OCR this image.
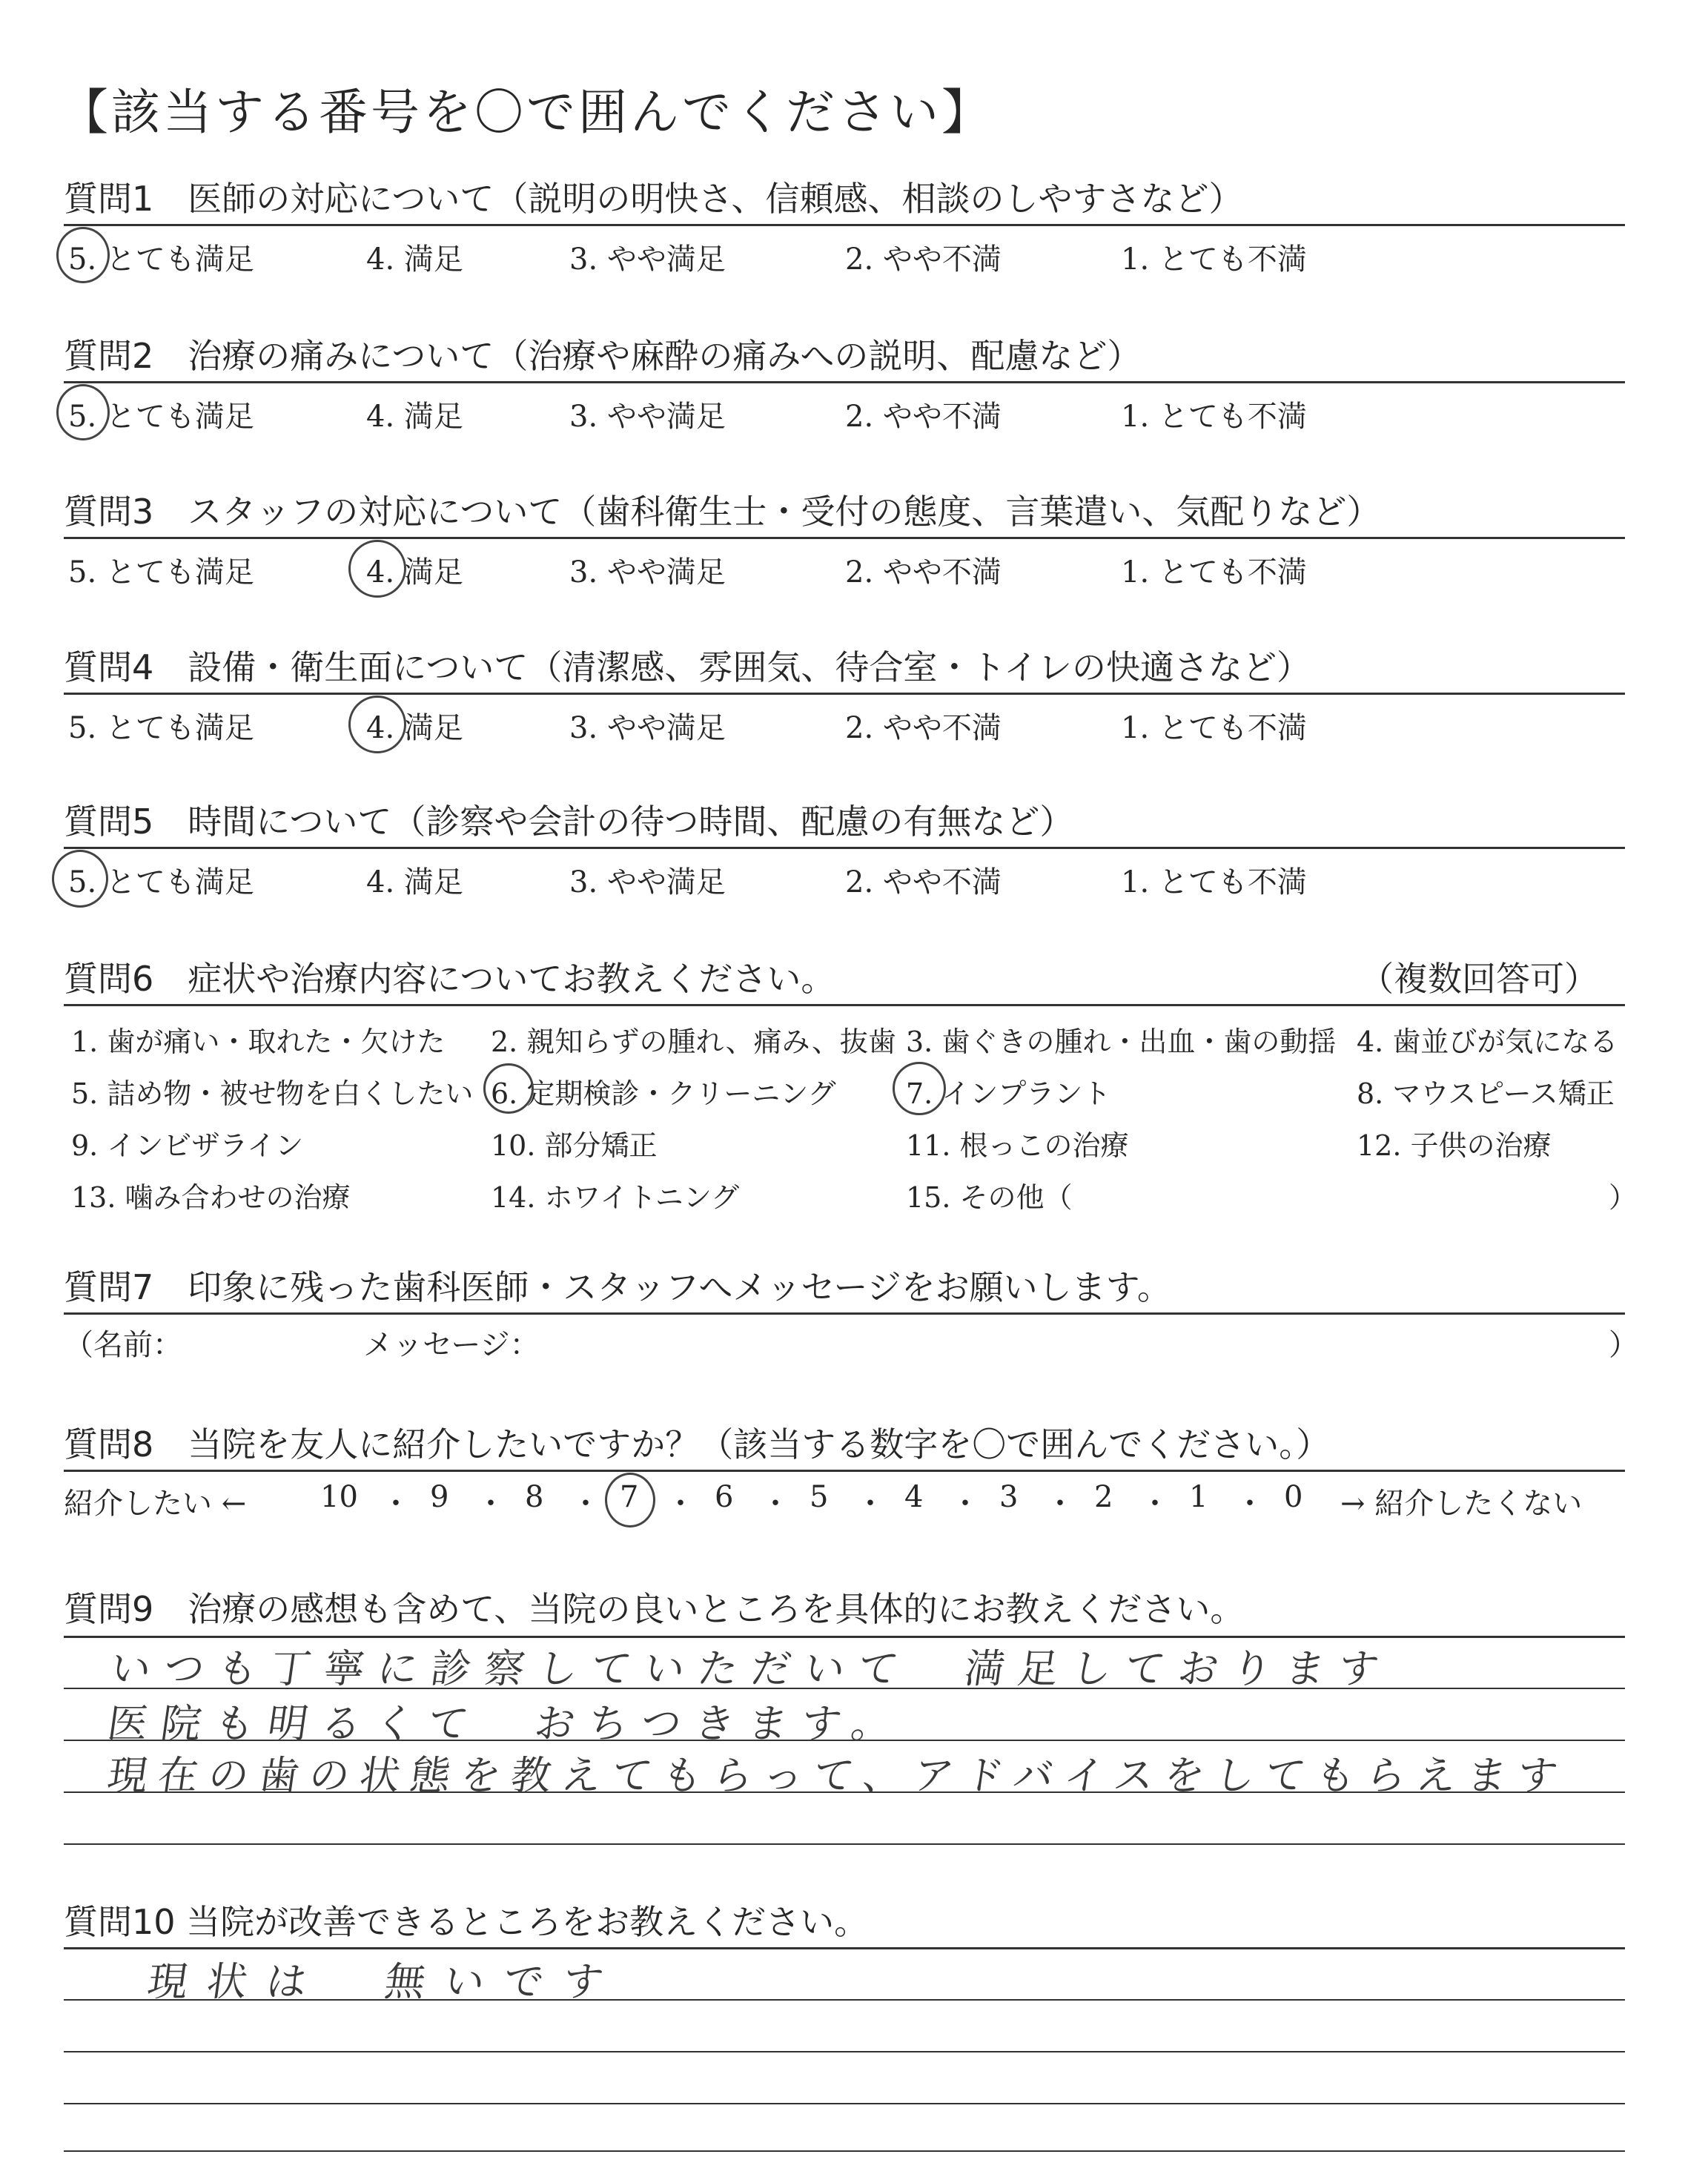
【該当する番号を〇で囲んでください】
質問1　医師の対応について（説明の明快さ、信頼感、相談のしやすさなど）
5. とても満足	4. 満足	3. やや満足	2. やや不満	1. とても不満
質問2　治療の痛みについて（治療や麻酔の痛みへの説明、配慮など）
5. とても満足	4. 満足	3. やや満足	2. やや不満	1. とても不満
質問3　スタッフの対応について（歯科衛生士・受付の態度、言葉遣い、気配りなど）
5. とても満足	4. 満足	3. やや満足	2. やや不満	1. とても不満
質問4　設備・衛生面について（清潔感、雰囲気、待合室・トイレの快適さなど）
5. とても満足	4. 満足	3. やや満足	2. やや不満	1. とても不満
質問5　時間について（診察や会計の待つ時間、配慮の有無など）
5. とても満足	4. 満足	3. やや満足	2. やや不満	1. とても不満
質問6　症状や治療内容についてお教えください。	（複数回答可）
1. 歯が痛い・取れた・欠けた 2. 親知らずの腫れ、痛み、抜歯 3. 歯ぐきの腫れ・出血・歯の動揺 4. 歯並びが気になる
5. 詰め物・被せ物を白くしたい 6. 定期検診・クリーニング 7. インプラント	8. マウスピース矯正
9. インビザライン	10. 部分矯正	11. 根っこの治療	12. 子供の治療
13. 噛み合わせの治療	14. ホワイトニング	15. その他（	）
質問7　印象に残った歯科医師・スタッフへメッセージをお願いします。
（名前：	メッセージ：	）
質問8　当院を友人に紹介したいですか？（該当する数字を〇で囲んでください。）
紹介したい ← 10 ・ 9 ・ 8 ・ 7 ・ 6 ・ 5 ・ 4 ・ 3 ・ 2 ・ 1 ・ 0 → 紹介したくない
質問9　治療の感想も含めて、当院の良いところを具体的にお教えください。
いつも丁寧に診察していただいて　満足しております
医院も明るくて　おちつきます。
現在の歯の状態を教えてもらって、アドバイスをしてもらえます
質問10 当院が改善できるところをお教えください。
現状は　無いです
